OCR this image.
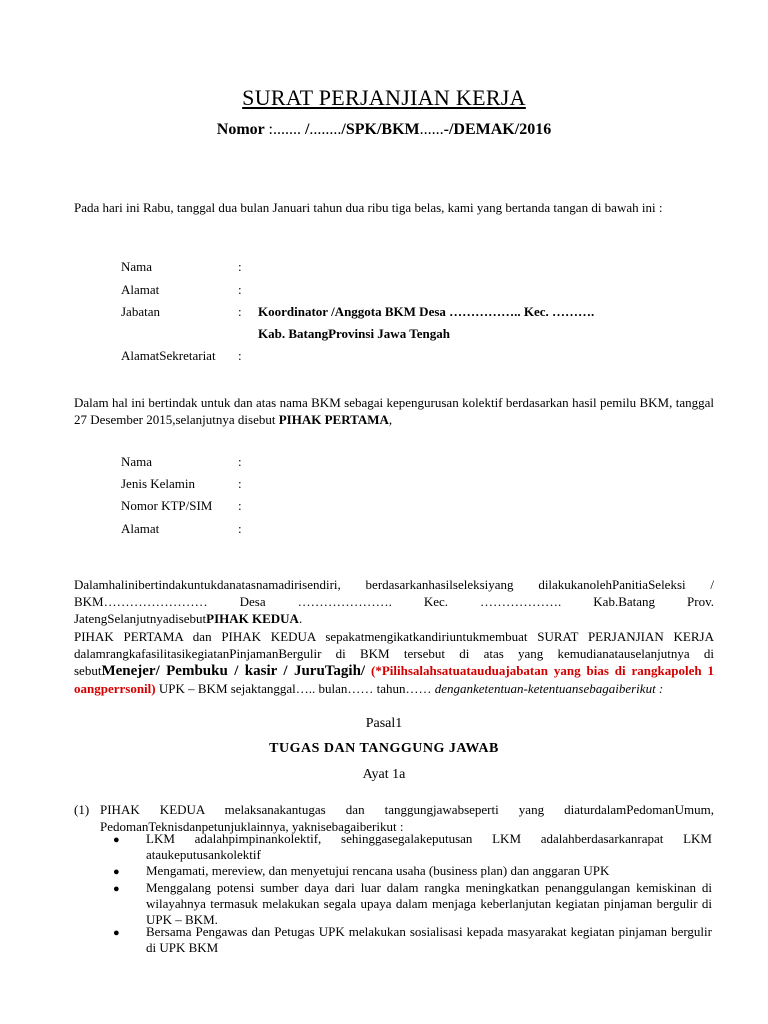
SURAT PERJANJIAN KERJA
Nomor :....... /......../SPK/BKM......-/DEMAK/2016
Pada hari ini Rabu, tanggal dua bulan Januari tahun dua ribu tiga belas, kami yang bertanda tangan di bawah ini :
Nama	:
Alamat	:
Jabatan	: Koordinator /Anggota BKM Desa …………….. Kec. ……….
Kab. BatangProvinsi Jawa Tengah
AlamatSekretariat :
Dalam hal ini bertindak untuk dan atas nama BKM sebagai kepengurusan kolektif berdasarkan hasil pemilu BKM, tanggal 27 Desember 2015,selanjutnya disebut PIHAK PERTAMA,
Nama	:
Jenis Kelamin	:
Nomor KTP/SIM :
Alamat	:
Dalamhalinibertindakuntukdanatasnamadirisendiri, berdasarkanhasilseleksiyang dilakukanolehPanitiaSeleksi / BKM…………………… Desa …………………. Kec. ………………. Kab.Batang Prov. JatengSelanjutnyadisebutPIHAK KEDUA.
PIHAK PERTAMA dan PIHAK KEDUA sepakatmengikatkandiriuntukmembuat SURAT PERJANJIAN KERJA dalamrangkafasilitasikegiatanPinjamanBergulir di BKM tersebut di atas yang kemudianatauselanjutnya di sebutMenejer/ Pembuku / kasir / JuruTagih/ (*Pilihsalahsatuatauduajabatan yang bias di rangkapoleh 1 oangperrsonil) UPK – BKM sejaktanggal….. bulan…… tahun…… denganketentuan-ketentuansebagaiberikut :
Pasal1
TUGAS DAN TANGGUNG JAWAB
Ayat 1a
(1) PIHAK KEDUA melaksanakantugas dan tanggungjawabseperti yang diaturdalamPedomanUmum, PedomanTeknisdanpetunjuklainnya, yaknisebagaiberikut :
● LKM adalahpimpinankolektif, sehinggasegalakeputusan LKM adalahberdasarkanrapat LKM ataukeputusankolektif
● Mengamati, mereview, dan menyetujui rencana usaha (business plan) dan anggaran UPK
● Menggalang potensi sumber daya dari luar dalam rangka meningkatkan penanggulangan kemiskinan di wilayahnya termasuk melakukan segala upaya dalam menjaga keberlanjutan kegiatan pinjaman bergulir di UPK – BKM.
● Bersama Pengawas dan Petugas UPK melakukan sosialisasi kepada masyarakat kegiatan pinjaman bergulir di UPK BKM
